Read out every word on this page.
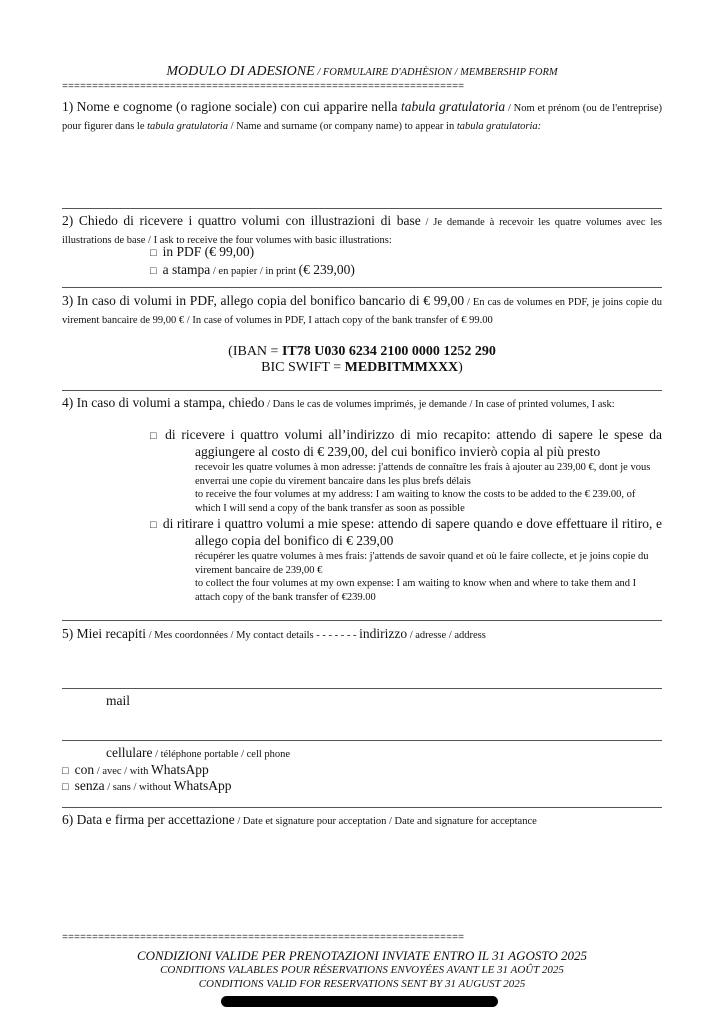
MODULO DI ADESIONE / FORMULAIRE D'ADHÈSION / MEMBERSHIP FORM
===================================================================
1) Nome e cognome (o ragione sociale) con cui apparire nella tabula gratulatoria / Nom et prénom (ou de l'entreprise) pour figurer dans le tabula gratulatoria / Name and surname (or company name) to appear in tabula gratulatoria:
2) Chiedo di ricevere i quattro volumi con illustrazioni di base / Je demande à recevoir les quatre volumes avec les illustrations de base / I ask to receive the four volumes with basic illustrations:
□ in PDF (€ 99,00)
□ a stampa / en papier / in print (€ 239,00)
3) In caso di volumi in PDF, allego copia del bonifico bancario di € 99,00 / En cas de volumes en PDF, je joins copie du virement bancaire de 99,00 € / In case of volumes in PDF, I attach copy of the bank transfer of € 99.00
(IBAN = IT78 U030 6234 2100 0000 1252 290
BIC SWIFT = MEDBITMMXXX)
4) In caso di volumi a stampa, chiedo / Dans le cas de volumes imprimés, je demande / In case of printed volumes, I ask:
□ di ricevere i quattro volumi all’indirizzo di mio recapito: attendo di sapere le spese da aggiungere al costo di € 239,00, del cui bonifico invierò copia al più presto
recevoir les quatre volumes à mon adresse: j'attends de connaître les frais à ajouter au 239,00 €, dont je vous enverrai une copie du virement bancaire dans les plus brefs délais
to receive the four volumes at my address: I am waiting to know the costs to be added to the € 239.00, of which I will send a copy of the bank transfer as soon as possible
□ di ritirare i quattro volumi a mie spese: attendo di sapere quando e dove effettuare il ritiro, e allego copia del bonifico di € 239,00
récupérer les quatre volumes à mes frais: j'attends de savoir quand et où le faire collecte, et je joins copie du virement bancaire de 239,00 €
to collect the four volumes at my own expense: I am waiting to know when and where to take them and I attach copy of the bank transfer of €239.00
5) Miei recapiti / Mes coordonnées / My contact details - - - - - - - indirizzo / adresse / address
mail
cellulare / téléphone portable / cell phone
□ con / avec / with WhatsApp
□ senza / sans / without WhatsApp
6) Data e firma per accettazione / Date et signature pour acceptation / Date and signature for acceptance
===================================================================
CONDIZIONI VALIDE PER PRENOTAZIONI INVIATE ENTRO IL 31 AGOSTO 2025
CONDITIONS VALABLES POUR RÉSERVATIONS ENVOYÉES AVANT LE 31 AOÛT 2025
CONDITIONS VALID FOR RESERVATIONS SENT BY 31 AUGUST 2025
